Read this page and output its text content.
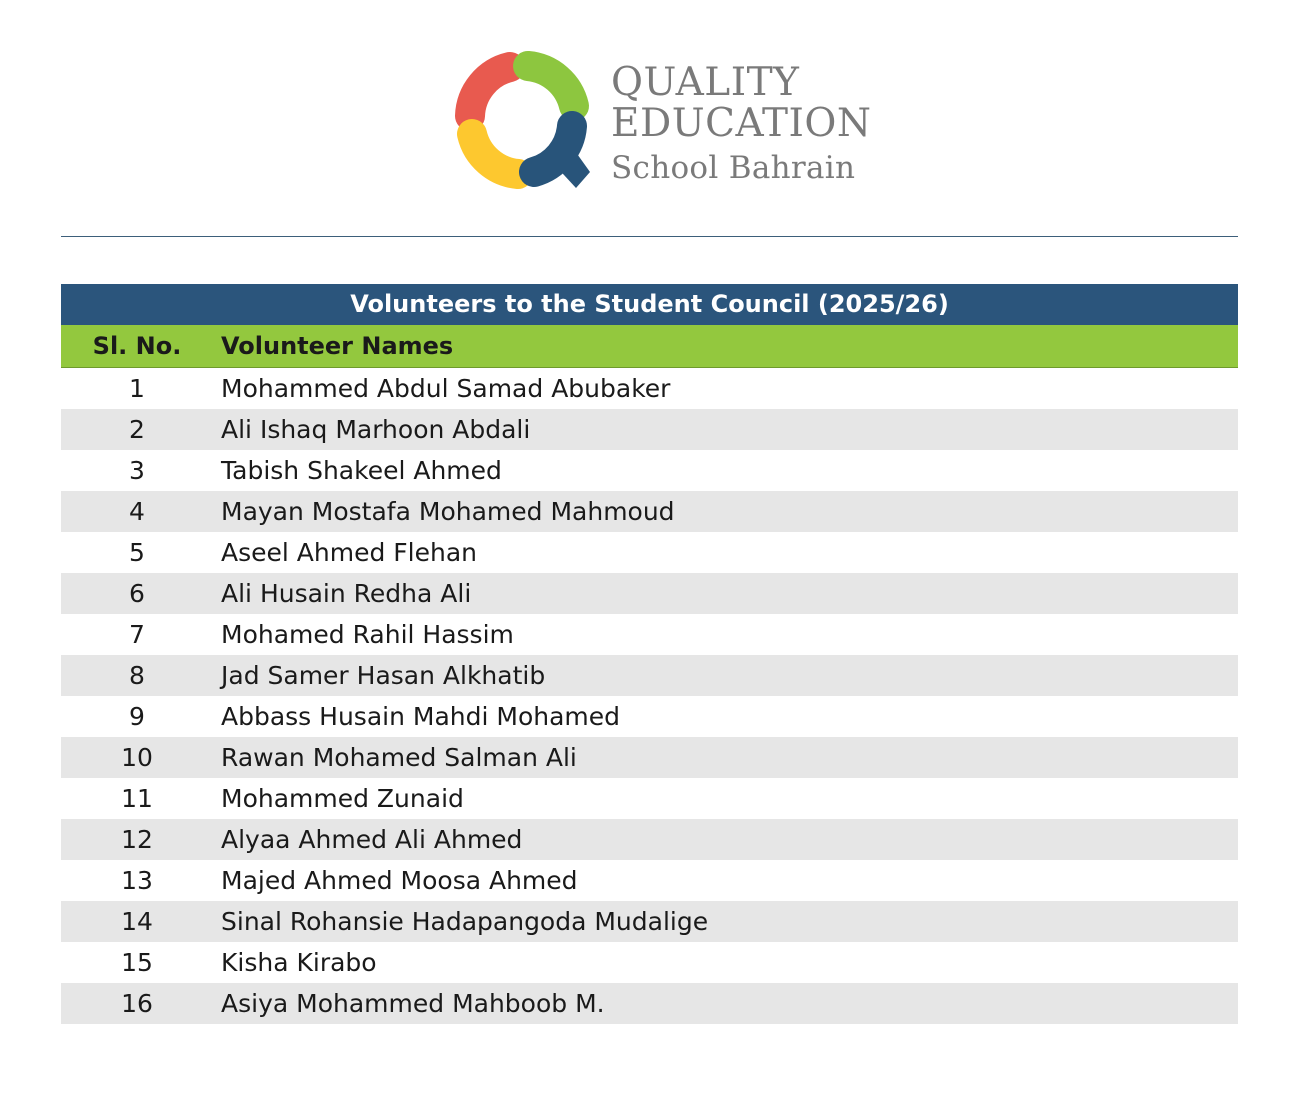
QUALITY
EDUCATION
School Bahrain
Volunteers to the Student Council (2025/26)
Sl. No.	Volunteer Names
1	Mohammed Abdul Samad Abubaker
2	Ali Ishaq Marhoon Abdali
3	Tabish Shakeel Ahmed
4	Mayan Mostafa Mohamed Mahmoud
5	Aseel Ahmed Flehan
6	Ali Husain Redha Ali
7	Mohamed Rahil Hassim
8	Jad Samer Hasan Alkhatib
9	Abbass Husain Mahdi Mohamed
10	Rawan Mohamed Salman Ali
11	Mohammed Zunaid
12	Alyaa Ahmed Ali Ahmed
13	Majed Ahmed Moosa Ahmed
14	Sinal Rohansie Hadapangoda Mudalige
15	Kisha Kirabo
16	Asiya Mohammed Mahboob M.
